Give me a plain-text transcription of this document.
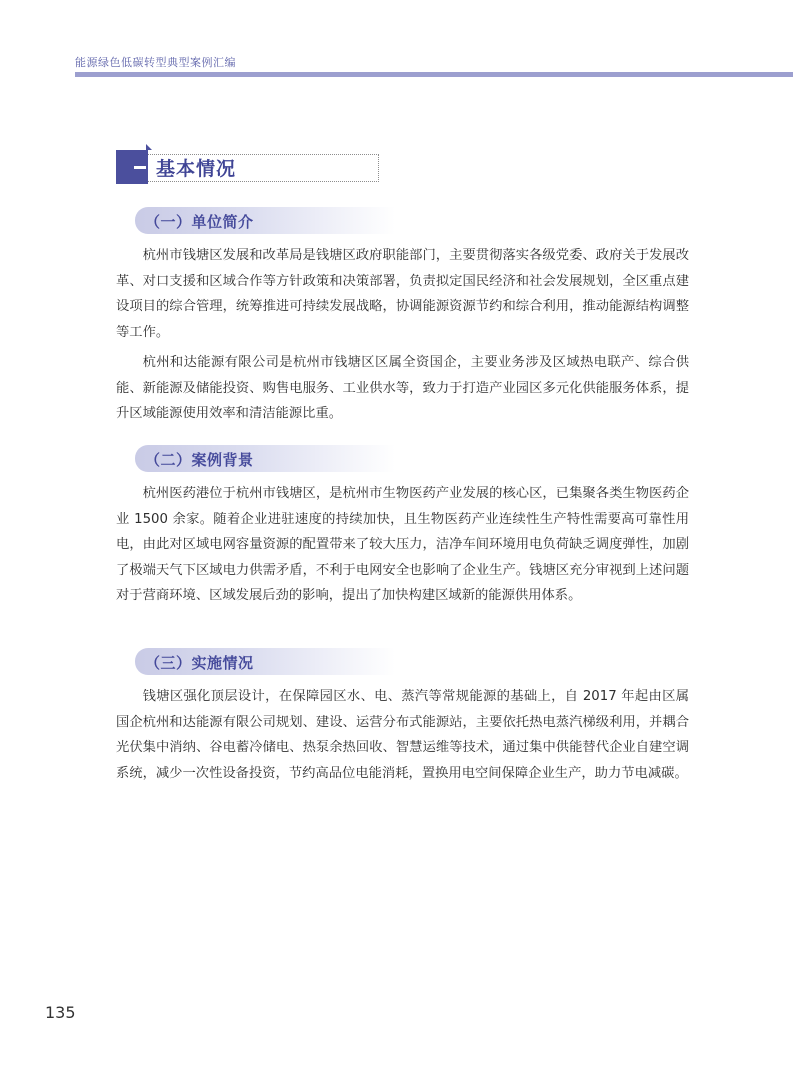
能源绿色低碳转型典型案例汇编
基本情况
（一）单位简介

杭州市钱塘区发展和改革局是钱塘区政府职能部门，主要贯彻落实各级党委、政府关于发展改革、对口支援和区域合作等方针政策和决策部署，负责拟定国民经济和社会发展规划，全区重点建设项目的综合管理，统筹推进可持续发展战略，协调能源资源节约和综合利用，推动能源结构调整等工作。

杭州和达能源有限公司是杭州市钱塘区区属全资国企，主要业务涉及区域热电联产、综合供能、新能源及储能投资、购售电服务、工业供水等，致力于打造产业园区多元化供能服务体系，提升区域能源使用效率和清洁能源比重。

（二）案例背景

杭州医药港位于杭州市钱塘区，是杭州市生物医药产业发展的核心区，已集聚各类生物医药企业 1500 余家。随着企业进驻速度的持续加快，且生物医药产业连续性生产特性需要高可靠性用电，由此对区域电网容量资源的配置带来了较大压力，洁净车间环境用电负荷缺乏调度弹性，加剧了极端天气下区域电力供需矛盾，不利于电网安全也影响了企业生产。钱塘区充分审视到上述问题对于营商环境、区域发展后劲的影响，提出了加快构建区域新的能源供用体系。

（三）实施情况

钱塘区强化顶层设计，在保障园区水、电、蒸汽等常规能源的基础上，自 2017 年起由区属国企杭州和达能源有限公司规划、建设、运营分布式能源站，主要依托热电蒸汽梯级利用，并耦合光伏集中消纳、谷电蓄冷储电、热泵余热回收、智慧运维等技术，通过集中供能替代企业自建空调系统，减少一次性设备投资，节约高品位电能消耗，置换用电空间保障企业生产，助力节电减碳。

135
